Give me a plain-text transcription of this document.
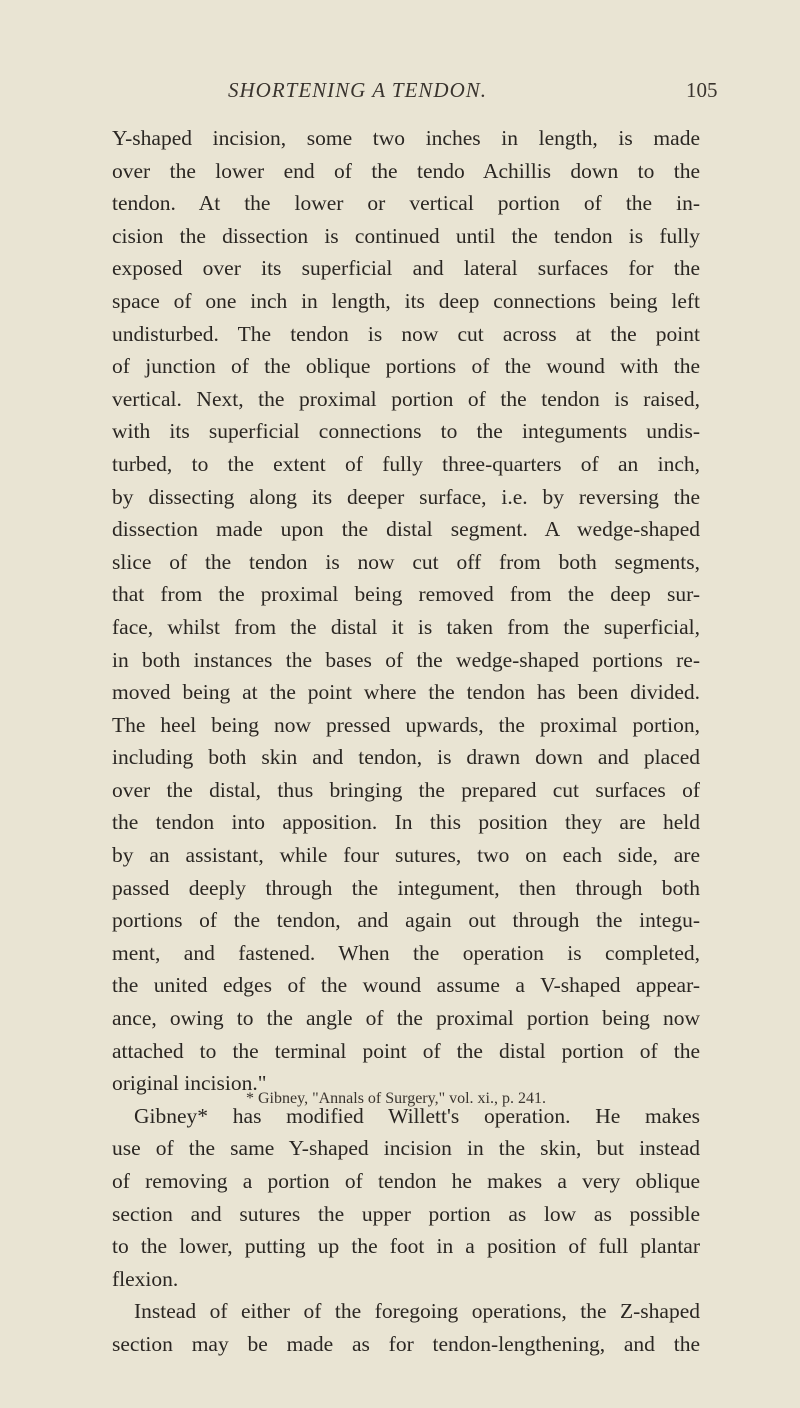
SHORTENING A TENDON.	105
Y-shaped incision, some two inches in length, is made
over the lower end of the tendo Achillis down to the
tendon. At the lower or vertical portion of the in-
cision the dissection is continued until the tendon is fully
exposed over its superficial and lateral surfaces for the
space of one inch in length, its deep connections being left
undisturbed. The tendon is now cut across at the point
of junction of the oblique portions of the wound with the
vertical. Next, the proximal portion of the tendon is raised,
with its superficial connections to the integuments undis-
turbed, to the extent of fully three-quarters of an inch,
by dissecting along its deeper surface, i.e. by reversing the
dissection made upon the distal segment. A wedge-shaped
slice of the tendon is now cut off from both segments,
that from the proximal being removed from the deep sur-
face, whilst from the distal it is taken from the superficial,
in both instances the bases of the wedge-shaped portions re-
moved being at the point where the tendon has been divided.
The heel being now pressed upwards, the proximal portion,
including both skin and tendon, is drawn down and placed
over the distal, thus bringing the prepared cut surfaces of
the tendon into apposition. In this position they are held
by an assistant, while four sutures, two on each side, are
passed deeply through the integument, then through both
portions of the tendon, and again out through the integu-
ment, and fastened. When the operation is completed,
the united edges of the wound assume a V-shaped appear-
ance, owing to the angle of the proximal portion being now
attached to the terminal point of the distal portion of the
original incision."
Gibney* has modified Willett's operation. He makes
use of the same Y-shaped incision in the skin, but instead
of removing a portion of tendon he makes a very oblique
section and sutures the upper portion as low as possible
to the lower, putting up the foot in a position of full plantar
flexion.
Instead of either of the foregoing operations, the Z-shaped
section may be made as for tendon-lengthening, and the
* Gibney, "Annals of Surgery," vol. xi., p. 241.
